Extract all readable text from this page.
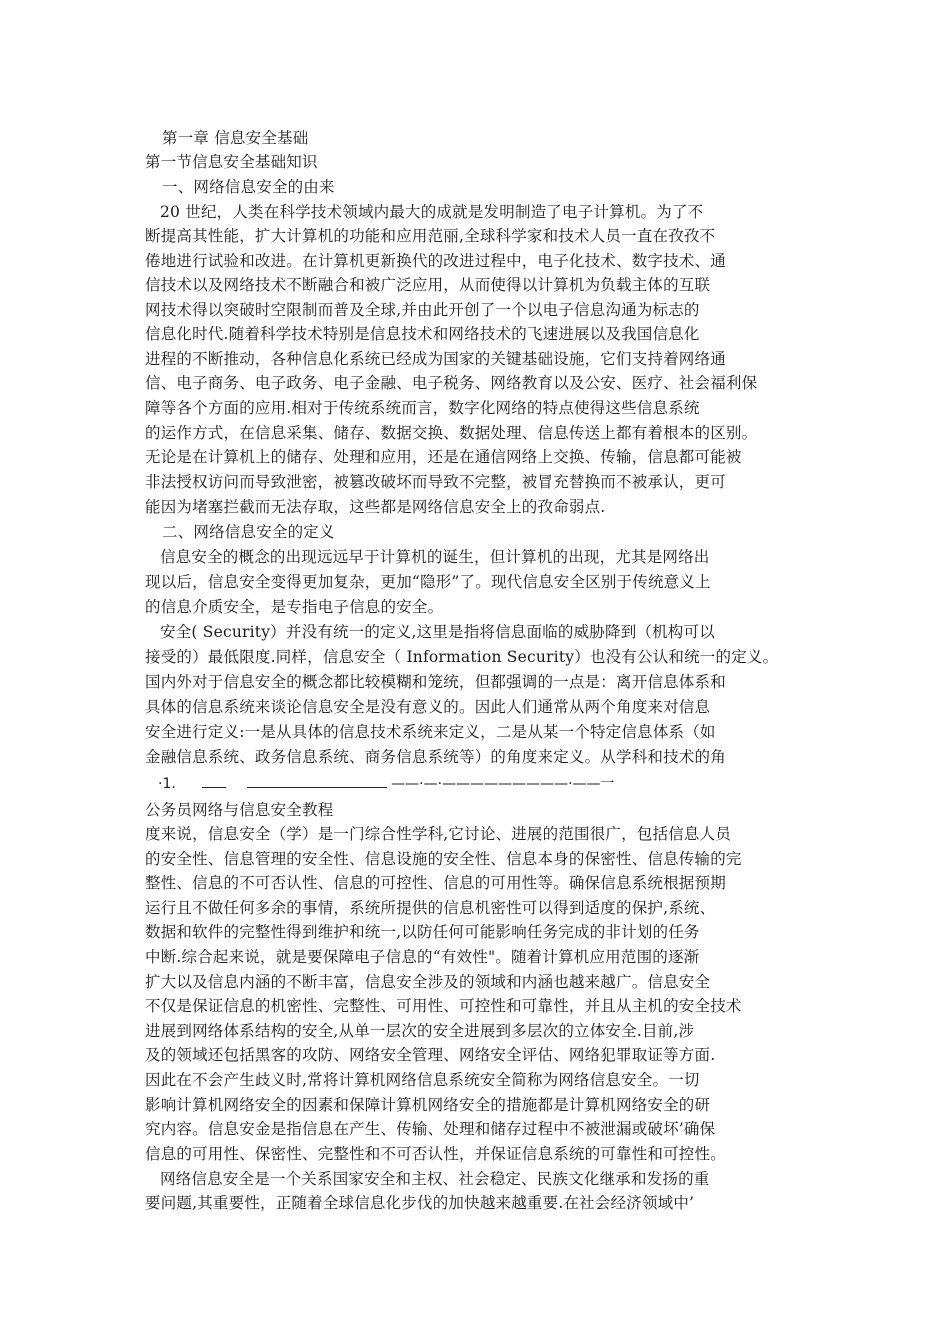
第一章 信息安全基础
第一节信息安全基础知识
一、网络信息安全的由来
20 世纪，人类在科学技术领域内最大的成就是发明制造了电子计算机。为了不
断提高其性能，扩大计算机的功能和应用范丽,全球科学家和技术人员一直在孜孜不
倦地进行试验和改进。在计算机更新换代的改进过程中，电子化技术、数字技术、通
信技术以及网络技术不断融合和被广泛应用，从而使得以计算机为负载主体的互联
网技术得以突破时空限制而普及全球,并由此开创了一个以电子信息沟通为标志的
信息化时代.随着科学技术特别是信息技术和网络技术的飞速进展以及我国信息化
进程的不断推动，各种信息化系统已经成为国家的关键基础设施，它们支持着网络通
信、电子商务、电子政务、电子金融、电子税务、网络教育以及公安、医疗、社会福利保
障等各个方面的应用.相对于传统系统而言，数字化网络的特点使得这些信息系统
的运作方式，在信息采集、储存、数据交换、数据处理、信息传送上都有着根本的区别。
无论是在计算机上的储存、处理和应用，还是在通信网络上交换、传输，信息都可能被
非法授权访问而导致泄密，被篡改破坏而导致不完整，被冒充替换而不被承认，更可
能因为堵塞拦截而无法存取，这些都是网络信息安全上的孜命弱点.
二、网络信息安全的定义
信息安全的概念的出现远远早于计算机的诞生，但计算机的出现，尤其是网络出
现以后，信息安全变得更加复杂，更加“隐形”了。现代信息安全区别于传统意义上
的信息介质安全，是专指电子信息的安全。
安全( Security）并没有统一的定义,这里是指将信息面临的威胁降到（机构可以
接受的）最低限度.同样，信息安全（ Information Security）也没有公认和统一的定义。
国内外对于信息安全的概念都比较模糊和笼统，但都强调的一点是：离开信息体系和
具体的信息系统来谈论信息安全是没有意义的。因此人们通常从两个角度来对信息
安全进行定义:一是从具体的信息技术系统来定义，二是从某一个特定信息体系（如
金融信息系统、政务信息系统、商务信息系统等）的角度来定义。从学科和技术的角
·1.	——·—·—————————·——一
公务员网络与信息安全教程
度来说，信息安全（学）是一门综合性学科,它讨论、进展的范围很广，包括信息人员
的安全性、信息管理的安全性、信息设施的安全性、信息本身的保密性、信息传输的完
整性、信息的不可否认性、信息的可控性、信息的可用性等。确保信息系统根据预期
运行且不做任何多余的事情，系统所提供的信息机密性可以得到适度的保护,系统、
数据和软件的完整性得到维护和统一,以防任何可能影响任务完成的非计划的任务
中断.综合起来说，就是要保障电子信息的“有效性"。随着计算机应用范围的逐渐
扩大以及信息内涵的不断丰富，信息安全涉及的领域和内涵也越来越广。信息安全
不仅是保证信息的机密性、完整性、可用性、可控性和可靠性，并且从主机的安全技术
进展到网络体系结构的安全,从单一层次的安全进展到多层次的立体安全.目前,涉
及的领域还包括黑客的攻防、网络安全管理、网络安全评估、网络犯罪取证等方面.
因此在不会产生歧义时,常将计算机网络信息系统安全简称为网络信息安全。一切
影响计算机网络安全的因素和保障计算机网络安全的措施都是计算机网络安全的研
究内容。信息安金是指信息在产生、传输、处理和储存过程中不被泄漏或破坏’确保
信息的可用性、保密性、完整性和不可否认性，并保证信息系统的可靠性和可控性。
网络信息安全是一个关系国家安全和主权、社会稳定、民族文化继承和发扬的重
要问题,其重要性，正随着全球信息化步伐的加快越来越重要.在社会经济领域中’
